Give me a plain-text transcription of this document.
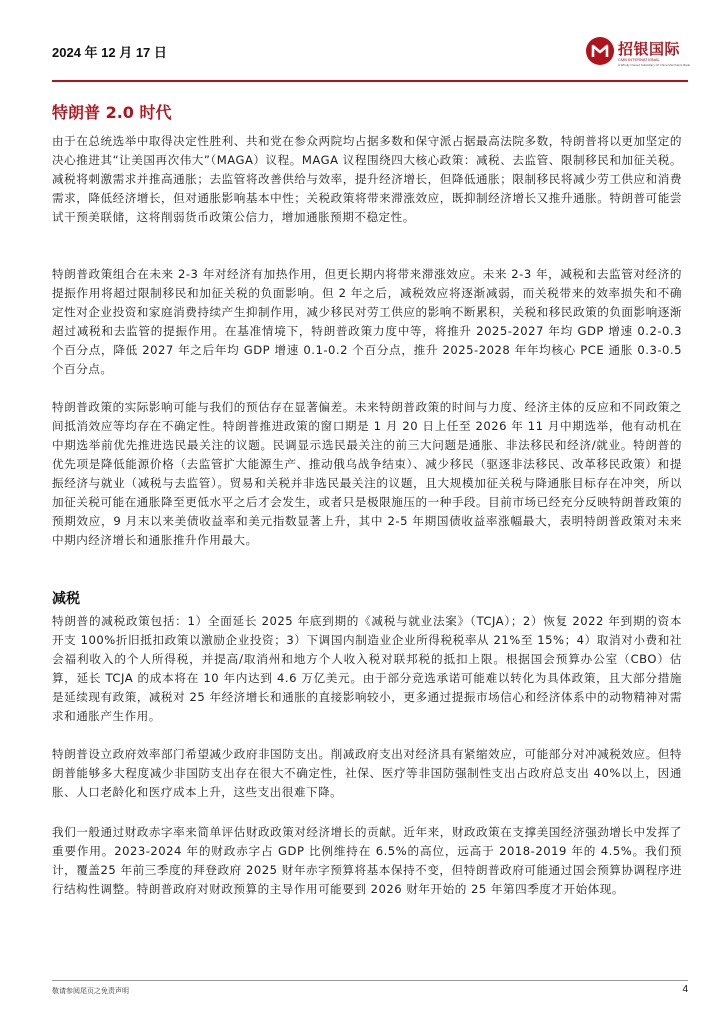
2024 年 12 月 17 日	招银国际
CMB INTERNATIONAL
A Wholly Owned Subsidiary Of China Merchants Bank
特朗普 2.0 时代

由于在总统选举中取得决定性胜利、共和党在参众两院均占据多数和保守派占据最高法院多数，特朗普将以更加坚定的决心推进其“让美国再次伟大”（MAGA）议程。MAGA 议程围绕四大核心政策：减税、去监管、限制移民和加征关税。减税将刺激需求并推高通胀；去监管将改善供给与效率，提升经济增长，但降低通胀；限制移民将减少劳工供应和消费需求，降低经济增长，但对通胀影响基本中性；关税政策将带来滞涨效应，既抑制经济增长又推升通胀。特朗普可能尝试干预美联储，这将削弱货币政策公信力，增加通胀预期不稳定性。

特朗普政策组合在未来 2-3 年对经济有加热作用，但更长期内将带来滞涨效应。未来 2-3 年，减税和去监管对经济的提振作用将超过限制移民和加征关税的负面影响。但 2 年之后，减税效应将逐渐减弱，而关税带来的效率损失和不确定性对企业投资和家庭消费持续产生抑制作用，减少移民对劳工供应的影响不断累积，关税和移民政策的负面影响逐渐超过减税和去监管的提振作用。在基准情境下，特朗普政策力度中等，将推升 2025-2027 年均 GDP 增速 0.2-0.3 个百分点，降低 2027 年之后年均 GDP 增速 0.1-0.2 个百分点，推升 2025-2028 年年均核心 PCE 通胀 0.3-0.5 个百分点。

特朗普政策的实际影响可能与我们的预估存在显著偏差。未来特朗普政策的时间与力度、经济主体的反应和不同政策之间抵消效应等均存在不确定性。特朗普推进政策的窗口期是 1 月 20 日上任至 2026 年 11 月中期选举，他有动机在中期选举前优先推进选民最关注的议题。民调显示选民最关注的前三大问题是通胀、非法移民和经济/就业。特朗普的优先项是降低能源价格（去监管扩大能源生产、推动俄乌战争结束）、减少移民（驱逐非法移民、改革移民政策）和提振经济与就业（减税与去监管）。贸易和关税并非选民最关注的议题，且大规模加征关税与降通胀目标存在冲突，所以加征关税可能在通胀降至更低水平之后才会发生，或者只是极限施压的一种手段。目前市场已经充分反映特朗普政策的预期效应，9 月末以来美债收益率和美元指数显著上升，其中 2-5 年期国债收益率涨幅最大，表明特朗普政策对未来中期内经济增长和通胀推升作用最大。

减税

特朗普的减税政策包括：1）全面延长 2025 年底到期的《减税与就业法案》（TCJA）；2）恢复 2022 年到期的资本开支 100%折旧抵扣政策以激励企业投资；3）下调国内制造业企业所得税税率从 21%至 15%；4）取消对小费和社会福利收入的个人所得税，并提高/取消州和地方个人收入税对联邦税的抵扣上限。根据国会预算办公室（CBO）估算，延长 TCJA 的成本将在 10 年内达到 4.6 万亿美元。由于部分竞选承诺可能难以转化为具体政策，且大部分措施是延续现有政策，减税对 25 年经济增长和通胀的直接影响较小，更多通过提振市场信心和经济体系中的动物精神对需求和通胀产生作用。

特朗普设立政府效率部门希望减少政府非国防支出。削减政府支出对经济具有紧缩效应，可能部分对冲减税效应。但特朗普能够多大程度减少非国防支出存在很大不确定性，社保、医疗等非国防强制性支出占政府总支出 40%以上，因通胀、人口老龄化和医疗成本上升，这些支出很难下降。

我们一般通过财政赤字率来简单评估财政政策对经济增长的贡献。近年来，财政政策在支撑美国经济强劲增长中发挥了重要作用。2023-2024 年的财政赤字占 GDP 比例维持在 6.5%的高位，远高于 2018-2019 年的 4.5%。我们预计，覆盖25 年前三季度的拜登政府 2025 财年赤字预算将基本保持不变，但特朗普政府可能通过国会预算协调程序进行结构性调整。特朗普政府对财政预算的主导作用可能要到 2026 财年开始的 25 年第四季度才开始体现。

敬请参阅尾页之免责声明	4
